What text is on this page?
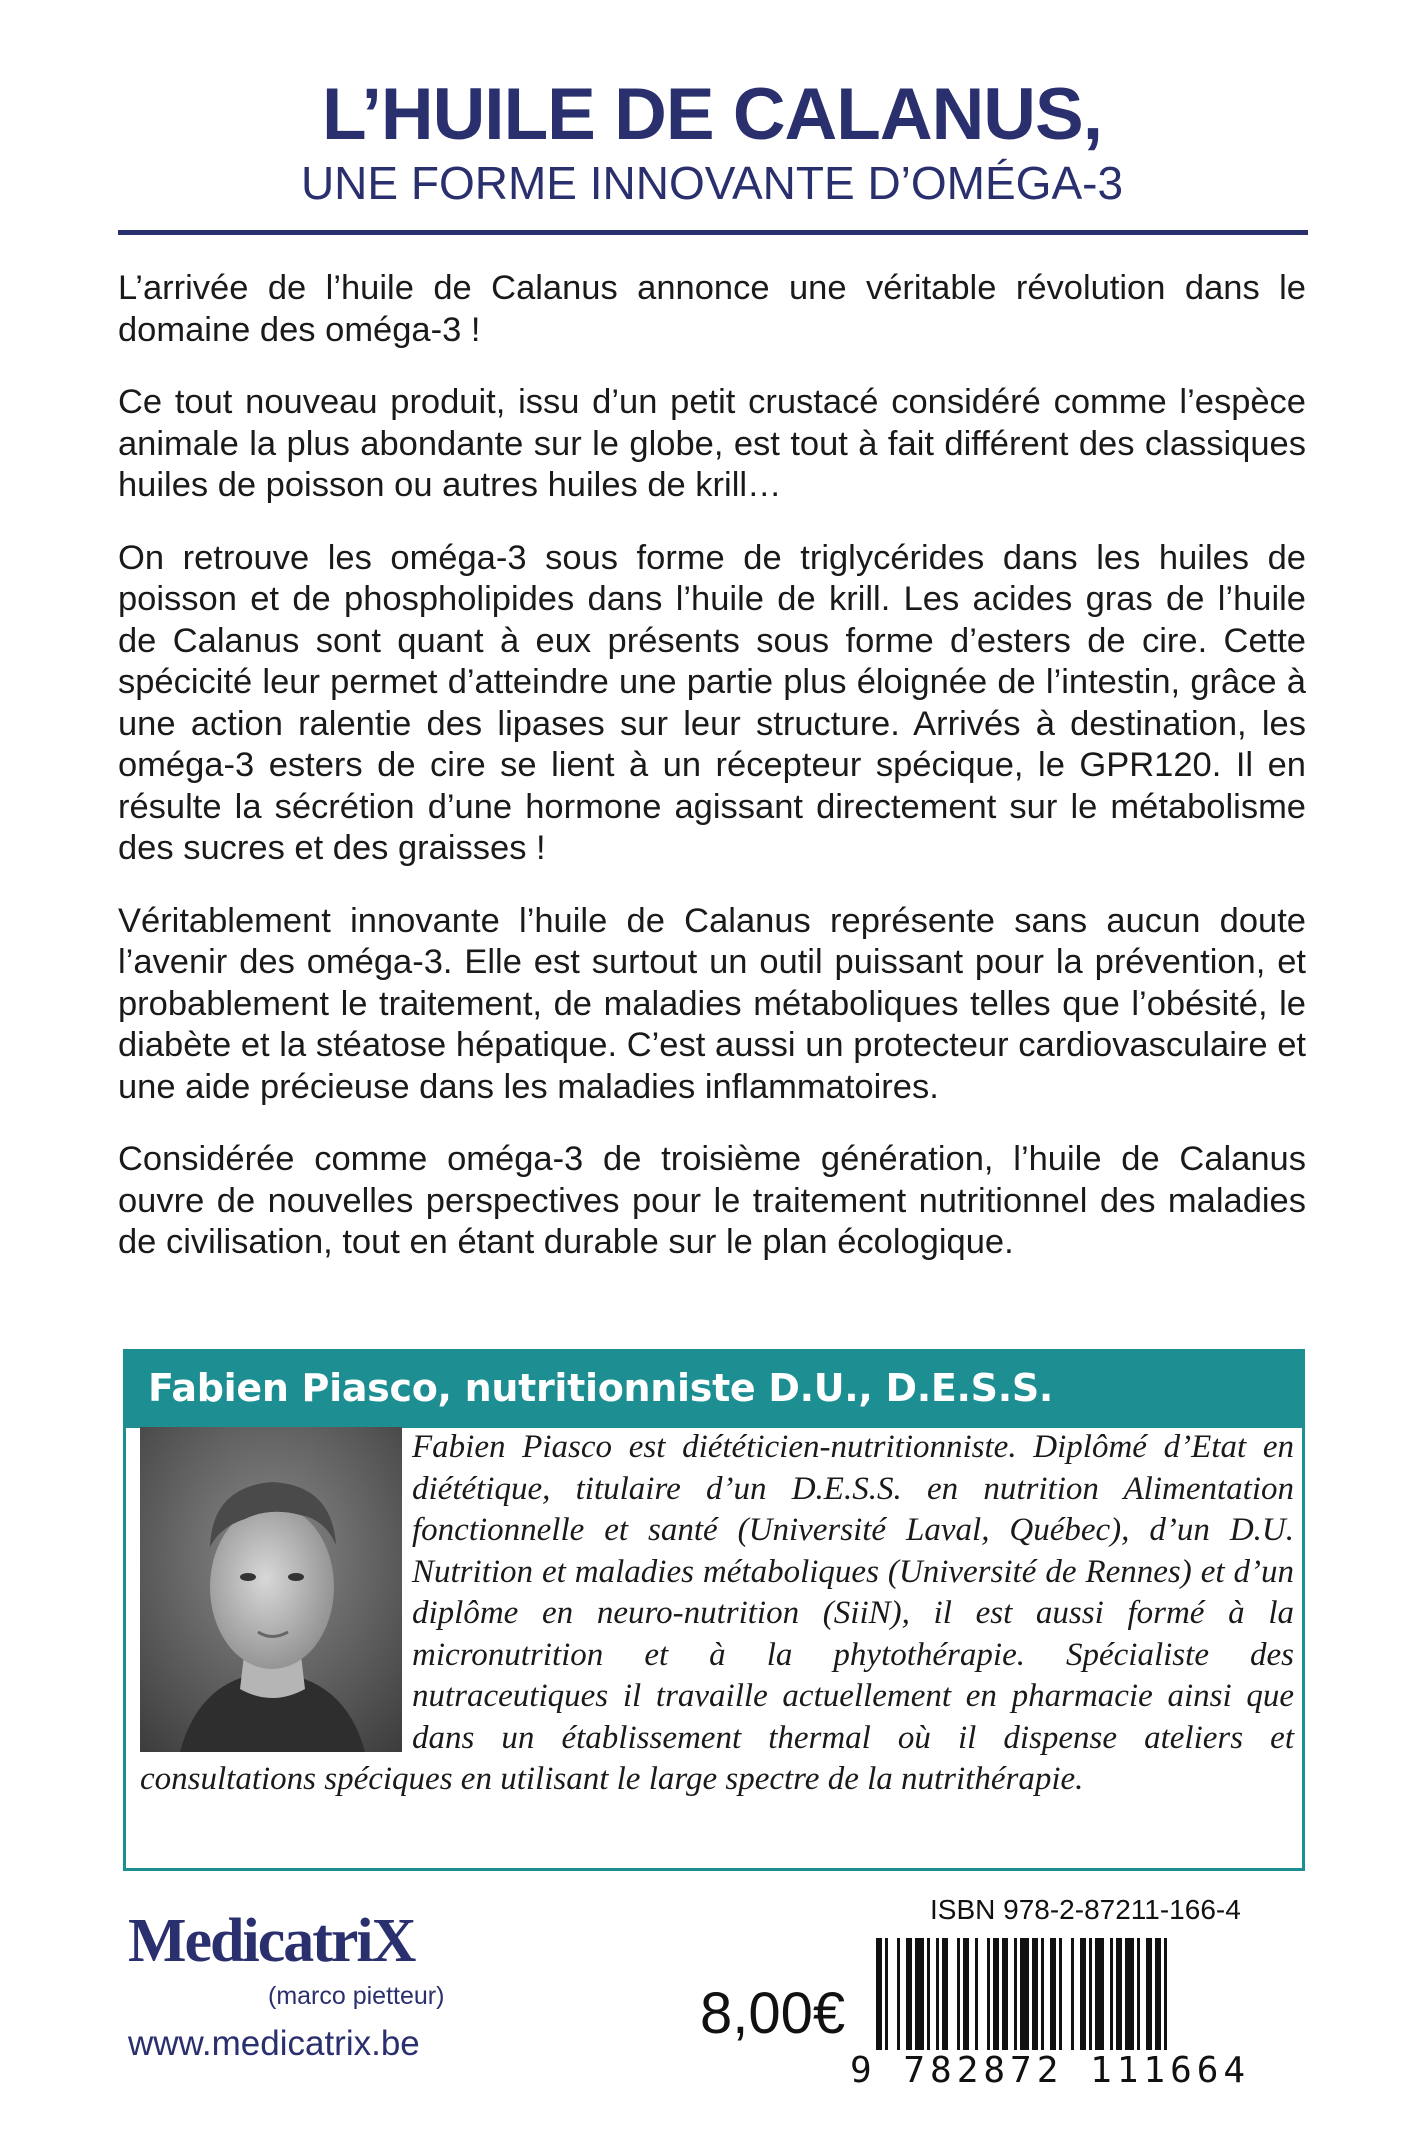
L’HUILE DE CALANUS,
UNE FORME INNOVANTE D’OMÉGA-3

L’arrivée de l’huile de Calanus annonce une véritable révolution dans le domaine des oméga-3 !

Ce tout nouveau produit, issu d’un petit crustacé considéré comme l’espèce animale la plus abondante sur le globe, est tout à fait différent des classiques huiles de poisson ou autres huiles de krill…

On retrouve les oméga-3 sous forme de triglycérides dans les huiles de poisson et de phospholipides dans l’huile de krill. Les acides gras de l’huile de Calanus sont quant à eux présents sous forme d’esters de cire. Cette spécicité leur permet d’atteindre une partie plus éloignée de l’intestin, grâce à une action ralentie des lipases sur leur structure. Arrivés à destination, les oméga-3 esters de cire se lient à un récepteur spécique, le GPR120. Il en résulte la sécrétion d’une hormone agissant directement sur le métabolisme des sucres et des graisses !

Véritablement innovante l’huile de Calanus représente sans aucun doute l’avenir des oméga-3. Elle est surtout un outil puissant pour la prévention, et probablement le traitement, de maladies métaboliques telles que l’obésité, le diabète et la stéatose hépatique. C’est aussi un protecteur cardiovasculaire et une aide précieuse dans les maladies inflammatoires.

Considérée comme oméga-3 de troisième génération, l’huile de Calanus ouvre de nouvelles perspectives pour le traitement nutritionnel des maladies de civilisation, tout en étant durable sur le plan écologique.

Fabien Piasco, nutritionniste D.U., D.E.S.S.
Fabien Piasco est diététicien-nutritionniste. Diplômé d’Etat en diététique, titulaire d’un D.E.S.S. en nutrition Alimentation fonctionnelle et santé (Université Laval, Québec), d’un D.U. Nutrition et maladies métaboliques (Université de Rennes) et d’un diplôme en neuro-nutrition (SiiN), il est aussi formé à la micronutrition et à la phytothérapie. Spécialiste des nutraceutiques il travaille actuellement en pharmacie ainsi que dans un établissement thermal où il dispense ateliers et consultations spéciques en utilisant le large spectre de la nutrithérapie.
MedicatriX
(marco pietteur)
www.medicatrix.be	8,00€
ISBN 978-2-87211-166-4
9 782872 111664
